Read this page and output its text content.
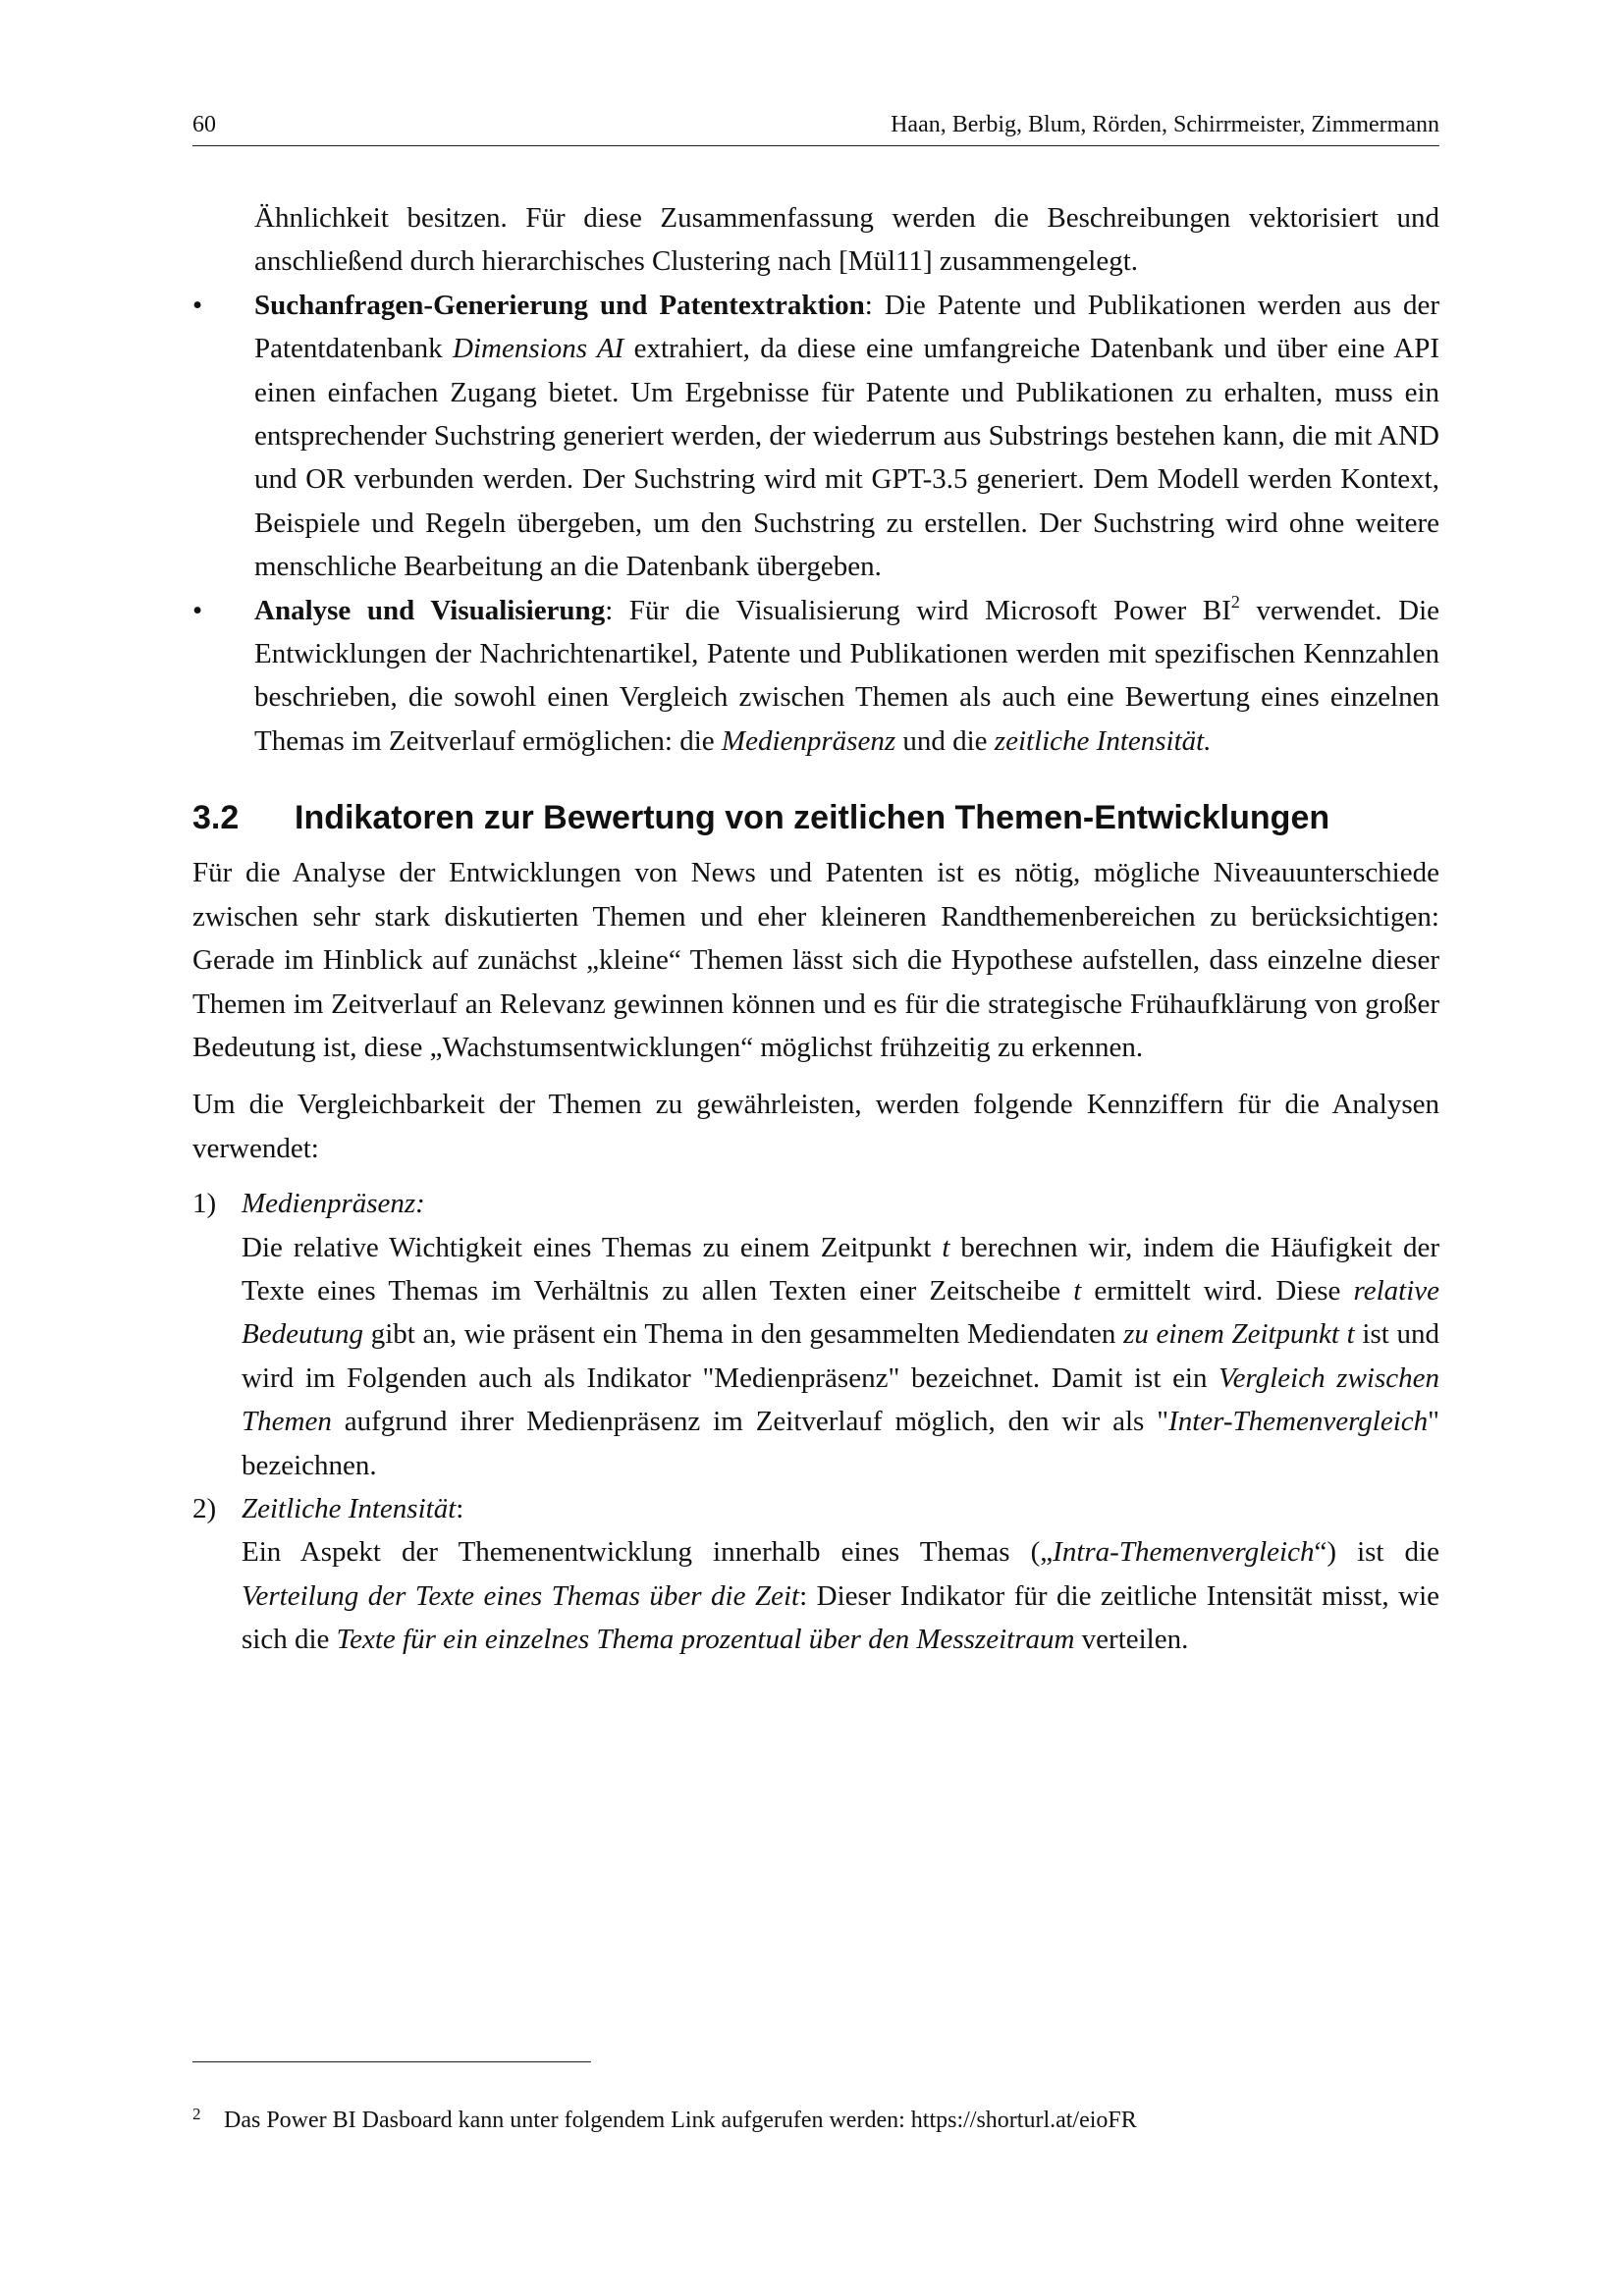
60	Haan, Berbig, Blum, Rörden, Schirrmeister, Zimmermann

Ähnlichkeit besitzen. Für diese Zusammenfassung werden die Beschreibungen vektorisiert und anschließend durch hierarchisches Clustering nach [Mül11] zusammengelegt.

•	Suchanfragen-Generierung und Patentextraktion: Die Patente und Publikationen werden aus der Patentdatenbank Dimensions AI extrahiert, da diese eine umfangreiche Datenbank und über eine API einen einfachen Zugang bietet. Um Ergebnisse für Patente und Publikationen zu erhalten, muss ein entsprechender Suchstring generiert werden, der wiederrum aus Substrings bestehen kann, die mit AND und OR verbunden werden. Der Suchstring wird mit GPT-3.5 generiert. Dem Modell werden Kontext, Beispiele und Regeln übergeben, um den Suchstring zu erstellen. Der Suchstring wird ohne weitere menschliche Bearbeitung an die Datenbank übergeben.

•	Analyse und Visualisierung: Für die Visualisierung wird Microsoft Power $BI^2$ verwendet. Die Entwicklungen der Nachrichtenartikel, Patente und Publikationen werden mit spezifischen Kennzahlen beschrieben, die sowohl einen Vergleich zwischen Themen als auch eine Bewertung eines einzelnen Themas im Zeitverlauf ermöglichen: die Medienpräsenz und die zeitliche Intensität.

3.2 Indikatoren zur Bewertung von zeitlichen Themen-Entwicklungen

Für die Analyse der Entwicklungen von News und Patenten ist es nötig, mögliche Niveauunterschiede zwischen sehr stark diskutierten Themen und eher kleineren Randthemenbereichen zu berücksichtigen: Gerade im Hinblick auf zunächst „kleine“ Themen lässt sich die Hypothese aufstellen, dass einzelne dieser Themen im Zeitverlauf an Relevanz gewinnen können und es für die strategische Frühaufklärung von großer Bedeutung ist, diese „Wachstumsentwicklungen“ möglichst frühzeitig zu erkennen.

Um die Vergleichbarkeit der Themen zu gewährleisten, werden folgende Kennziffern für die Analysen verwendet:

1) Medienpräsenz:

Die relative Wichtigkeit eines Themas zu einem Zeitpunkt t berechnen wir, indem die Häufigkeit der Texte eines Themas im Verhältnis zu allen Texten einer Zeitscheibe t ermittelt wird. Diese relative Bedeutung gibt an, wie präsent ein Thema in den gesammelten Mediendaten zu einem Zeitpunkt t ist und wird im Folgenden auch als Indikator "Medienpräsenz" bezeichnet. Damit ist ein Vergleich zwischen Themen aufgrund ihrer Medienpräsenz im Zeitverlauf möglich, den wir als "Inter-Themenvergleich" bezeichnen.

2) Zeitliche Intensität:

Ein Aspekt der Themenentwicklung innerhalb eines Themas („Intra-Themenvergleich“) ist die Verteilung der Texte eines Themas über die Zeit: Dieser Indikator für die zeitliche Intensität misst, wie sich die Texte für ein einzelnes Thema prozentual über den Messzeitraum verteilen.

2 Das Power BI Dasboard kann unter folgendem Link aufgerufen werden: https://shorturl.at/eioFR
